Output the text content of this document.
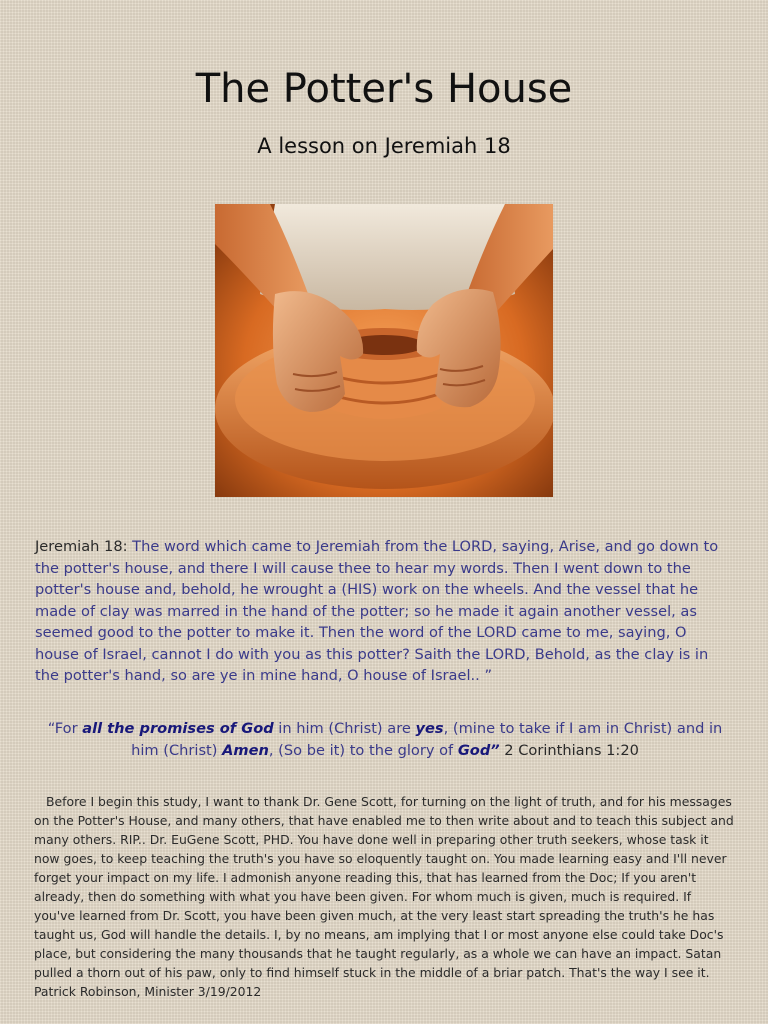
The Potter's House
A lesson on Jeremiah 18
Jeremiah 18: The word which came to Jeremiah from the LORD, saying, Arise, and go down to the potter's house, and there I will cause thee to hear my words. Then I went down to the potter's house and, behold, he wrought a (HIS) work on the wheels. And the vessel that he made of clay was marred in the hand of the potter; so he made it again another vessel, as seemed good to the potter to make it. Then the word of the LORD came to me, saying, O house of Israel, cannot I do with you as this potter? Saith the LORD, Behold, as the clay is in the potter's hand, so are ye in mine hand, O house of Israel.. ”
“For all the promises of God in him (Christ) are yes, (mine to take if I am in Christ) and in him (Christ) Amen, (So be it) to the glory of God” 2 Corinthians 1:20
Before I begin this study, I want to thank Dr. Gene Scott, for turning on the light of truth, and for his messages on the Potter's House, and many others, that have enabled me to then write about and to teach this subject and many others. RIP.. Dr. EuGene Scott, PHD. You have done well in preparing other truth seekers, whose task it now goes, to keep teaching the truth's you have so eloquently taught on. You made learning easy and I'll never forget your impact on my life. I admonish anyone reading this, that has learned from the Doc; If you aren't already, then do something with what you have been given. For whom much is given, much is required. If you've learned from Dr. Scott, you have been given much, at the very least start spreading the truth's he has taught us, God will handle the details. I, by no means, am implying that I or most anyone else could take Doc's place, but considering the many thousands that he taught regularly, as a whole we can have an impact. Satan pulled a thorn out of his paw, only to find himself stuck in the middle of a briar patch. That's the way I see it. Patrick Robinson, Minister 3/19/2012
